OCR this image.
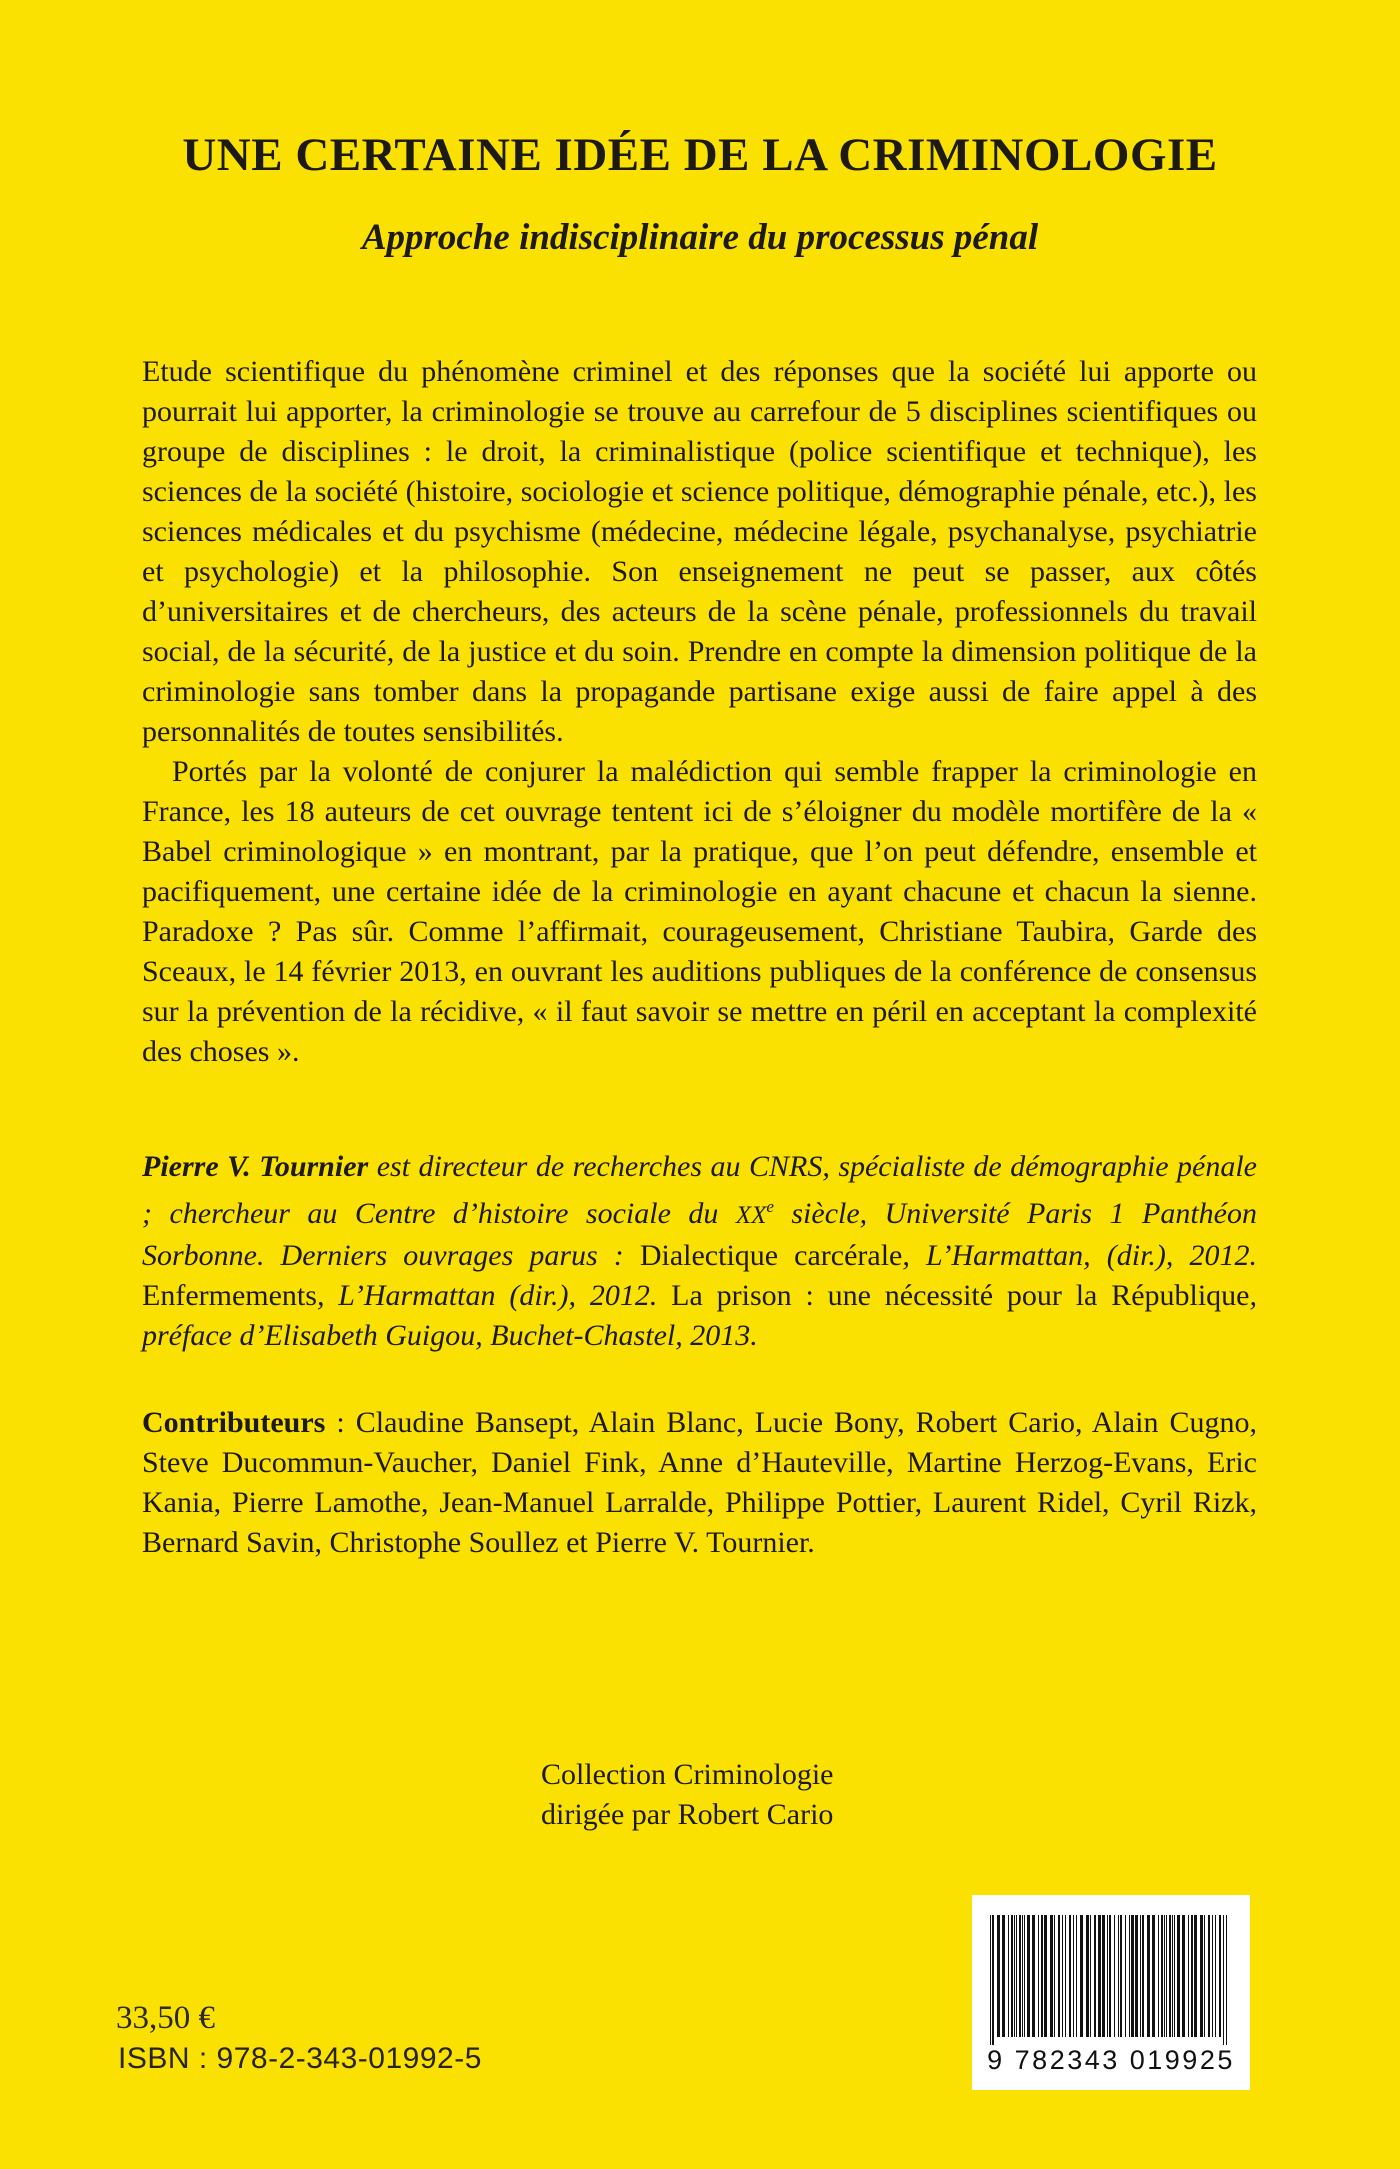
UNE CERTAINE IDÉE DE LA CRIMINOLOGIE
Approche indisciplinaire du processus pénal

Etude scientifique du phénomène criminel et des réponses que la société lui apporte ou pourrait lui apporter, la criminologie se trouve au carrefour de 5 disciplines scientifiques ou groupe de disciplines : le droit, la criminalistique (police scientifique et technique), les sciences de la société (histoire, sociologie et science politique, démographie pénale, etc.), les sciences médicales et du psychisme (médecine, médecine légale, psychanalyse, psychiatrie et psychologie) et la philosophie. Son enseignement ne peut se passer, aux côtés d’universitaires et de chercheurs, des acteurs de la scène pénale, professionnels du travail social, de la sécurité, de la justice et du soin. Prendre en compte la dimension politique de la criminologie sans tomber dans la propagande partisane exige aussi de faire appel à des personnalités de toutes sensibilités.

Portés par la volonté de conjurer la malédiction qui semble frapper la criminologie en France, les 18 auteurs de cet ouvrage tentent ici de s’éloigner du modèle mortifère de la « Babel criminologique » en montrant, par la pratique, que l’on peut défendre, ensemble et pacifiquement, une certaine idée de la criminologie en ayant chacune et chacun la sienne. Paradoxe ? Pas sûr. Comme l’affirmait, courageusement, Christiane Taubira, Garde des Sceaux, le 14 février 2013, en ouvrant les auditions publiques de la conférence de consensus sur la prévention de la récidive, « il faut savoir se mettre en péril en acceptant la complexité des choses ».

Pierre V. Tournier est directeur de recherches au CNRS, spécialiste de démographie pénale ; chercheur au Centre d’histoire sociale du XXe siècle, Université Paris 1 Panthéon Sorbonne. Derniers ouvrages parus : Dialectique carcérale, L’Harmattan, (dir.), 2012. Enfermements, L’Harmattan (dir.), 2012. La prison : une nécessité pour la République, préface d’Elisabeth Guigou, Buchet-Chastel, 2013.

Contributeurs : Claudine Bansept, Alain Blanc, Lucie Bony, Robert Cario, Alain Cugno, Steve Ducommun-Vaucher, Daniel Fink, Anne d’Hauteville, Martine Herzog-Evans, Eric Kania, Pierre Lamothe, Jean-Manuel Larralde, Philippe Pottier, Laurent Ridel, Cyril Rizk, Bernard Savin, Christophe Soullez et Pierre V. Tournier.

Collection Criminologie
dirigée par Robert Cario
33,50 €
ISBN : 978-2-343-01992-5	9 782343 019925
